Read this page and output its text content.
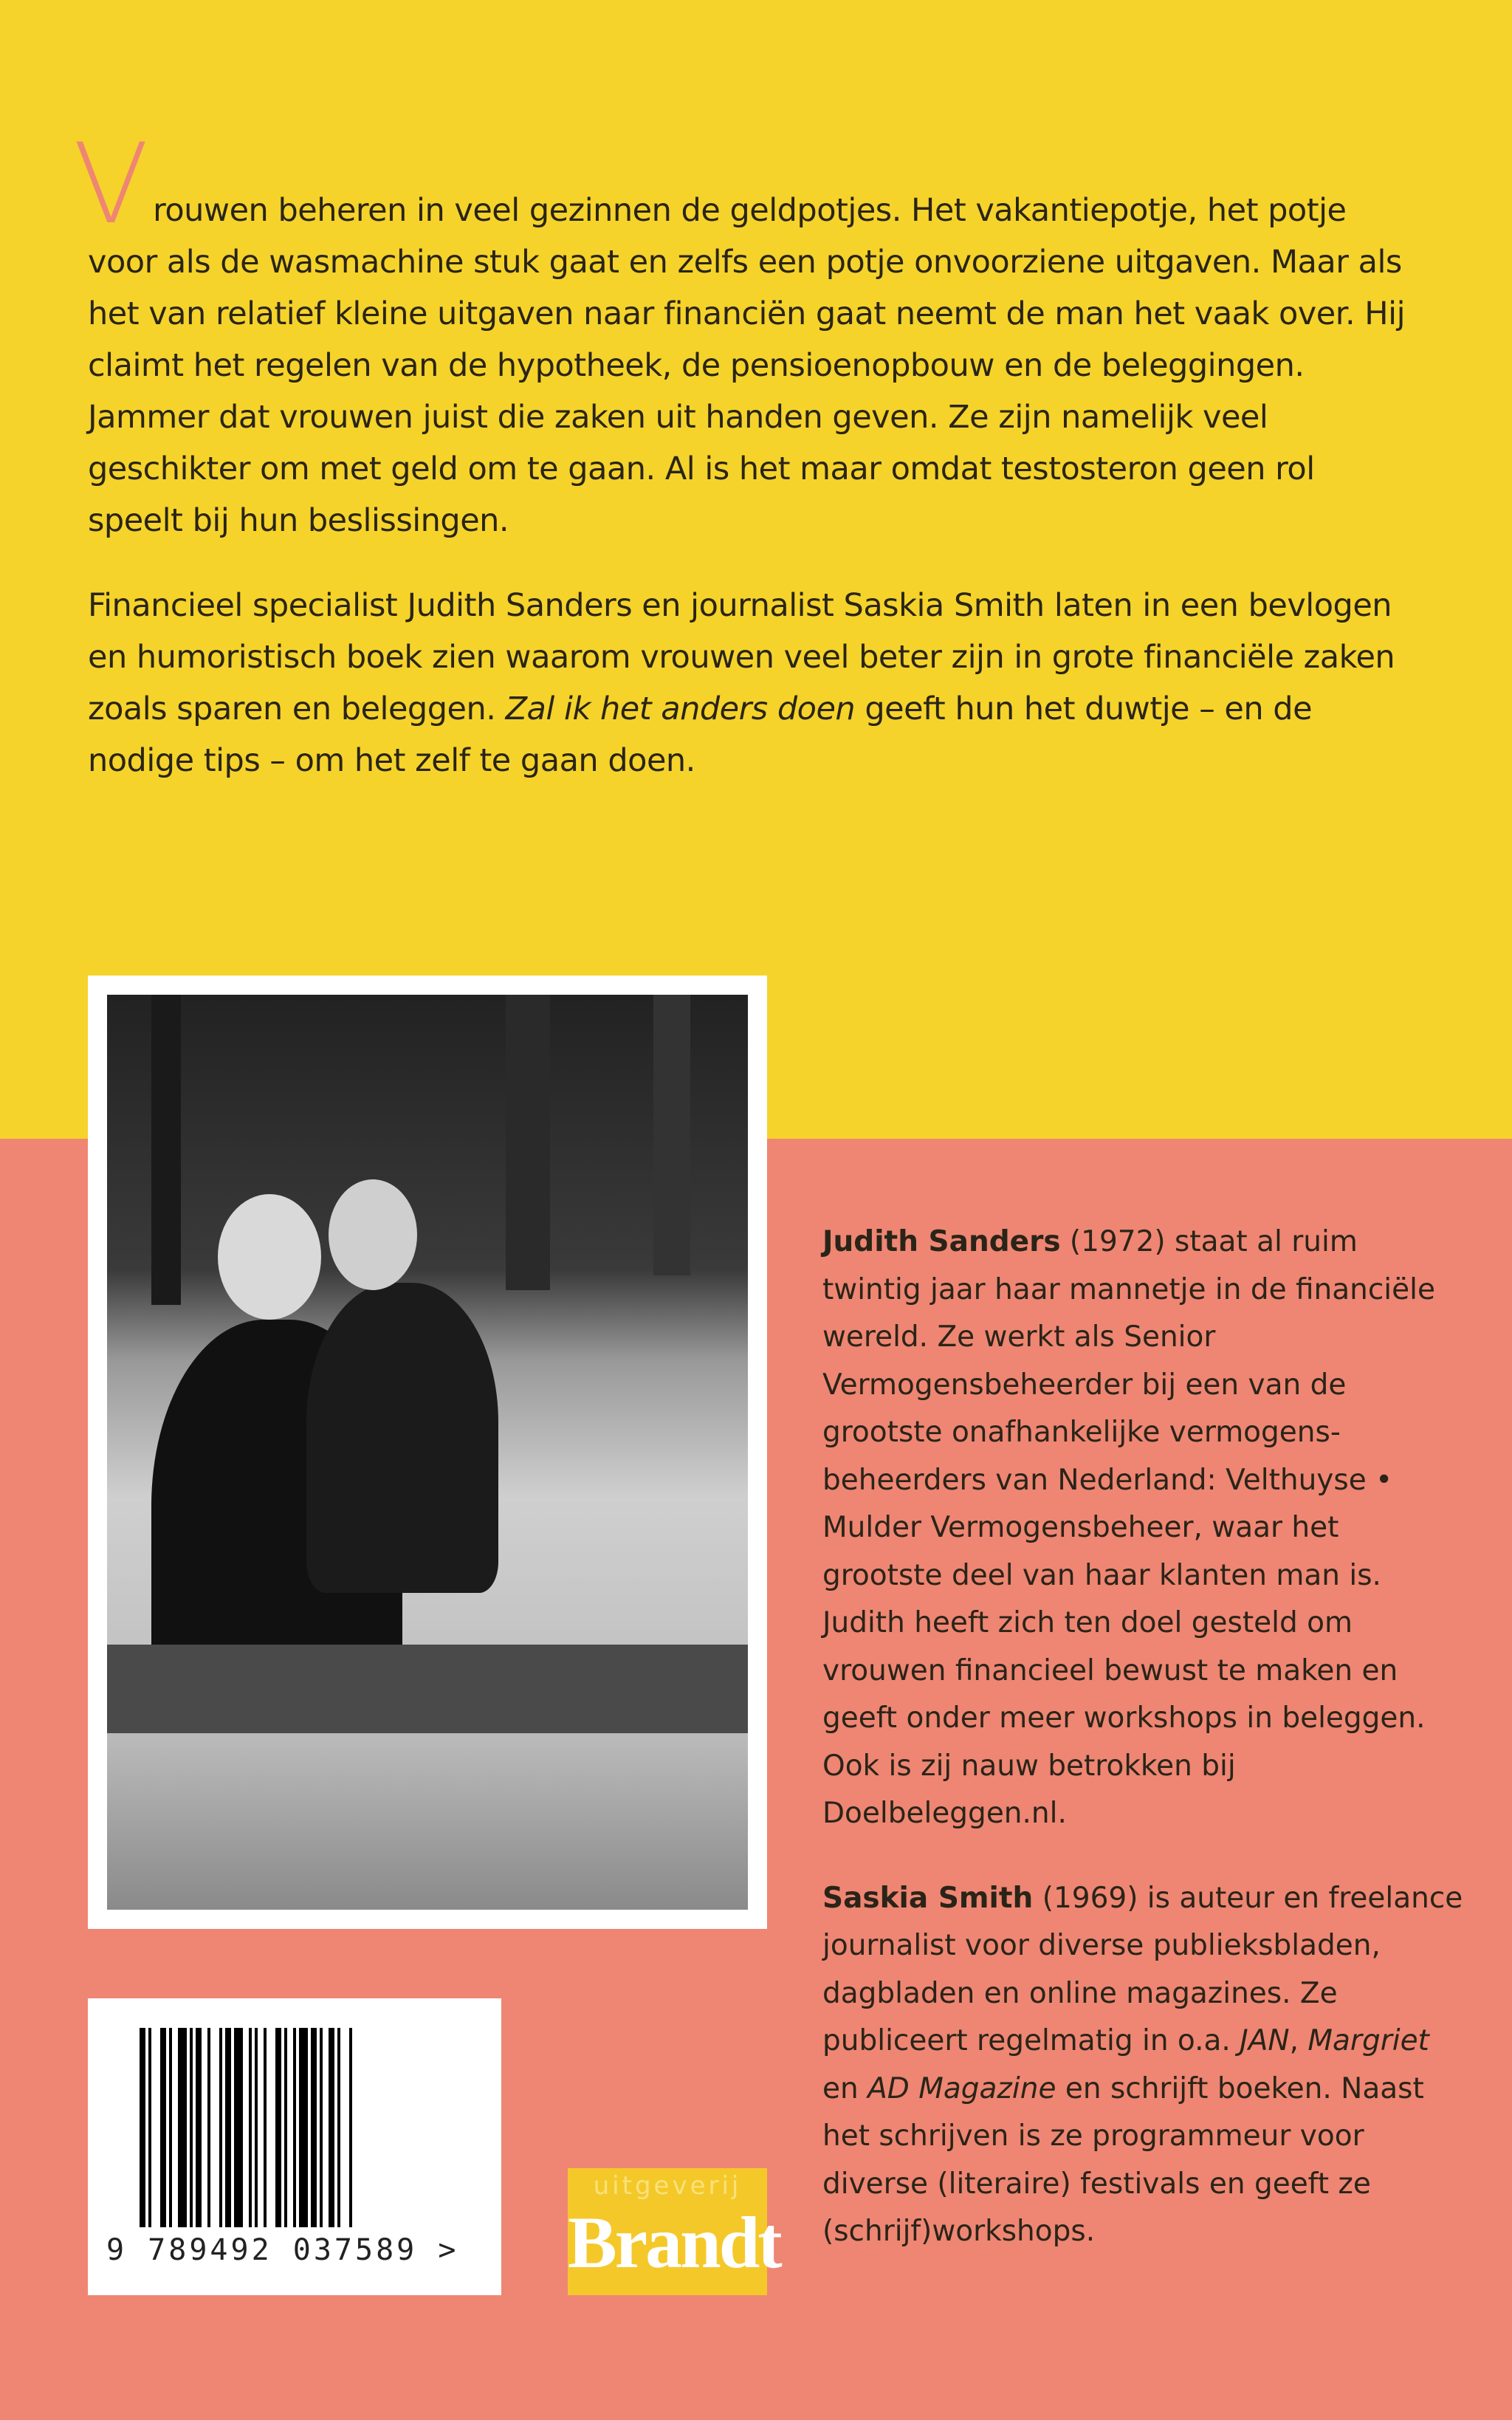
Vrouwen beheren in veel gezinnen de geldpotjes. Het vakantiepotje, het potje voor als de wasmachine stuk gaat en zelfs een potje onvoorziene uitgaven. Maar als het van relatief kleine uitgaven naar financiën gaat neemt de man het vaak over. Hij claimt het regelen van de hypotheek, de pensioenopbouw en de beleggingen. Jammer dat vrouwen juist die zaken uit handen geven. Ze zijn namelijk veel geschikter om met geld om te gaan. Al is het maar omdat testosteron geen rol speelt bij hun beslissingen.

Financieel specialist Judith Sanders en journalist Saskia Smith laten in een bevlogen en humoristisch boek zien waarom vrouwen veel beter zijn in grote financiële zaken zoals sparen en beleggen. Zal ik het anders doen geeft hun het duwtje – en de nodige tips – om het zelf te gaan doen.

Judith Sanders (1972) staat al ruim twintig jaar haar mannetje in de financiële wereld. Ze werkt als Senior Vermogensbeheerder bij een van de grootste onafhankelijke vermogensbeheerders van Nederland: Velthuyse • Mulder Vermogensbeheer, waar het grootste deel van haar klanten man is. Judith heeft zich ten doel gesteld om vrouwen financieel bewust te maken en geeft onder meer workshops in beleggen. Ook is zij nauw betrokken bij Doelbeleggen.nl.

Saskia Smith (1969) is auteur en freelance journalist voor diverse publieksbladen, dagbladen en online magazines. Ze publiceert regelmatig in o.a. JAN, Margriet en AD Magazine en schrijft boeken. Naast het schrijven is ze programmeur voor diverse (literaire) festivals en geeft ze (schrijf)workshops.

9 789492 037589 >
uitgeverij
Brandt
